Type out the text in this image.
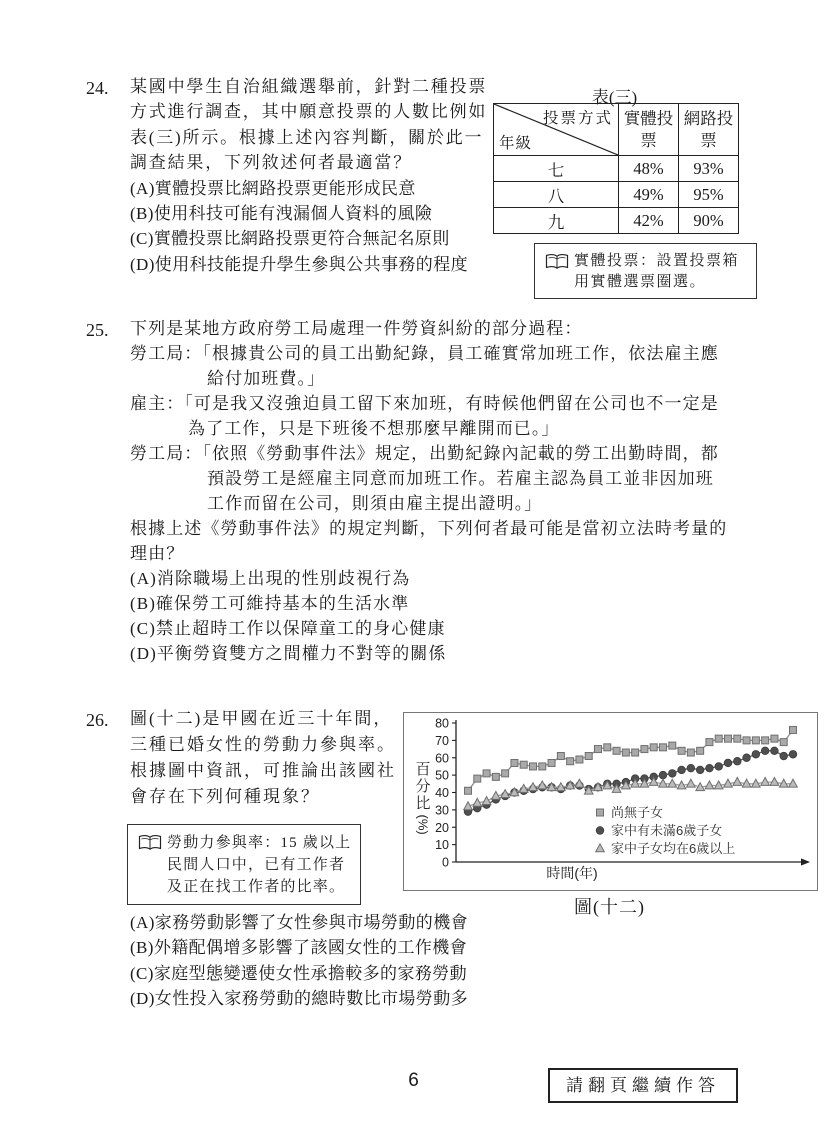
24. 某國中學生自治組織選舉前，針對二種投票
方式進行調查，其中願意投票的人數比例如
表(三)所示。根據上述內容判斷，關於此一
調查結果，下列敘述何者最適當？
(A)實體投票比網路投票更能形成民意
(B)使用科技可能有洩漏個人資料的風險
(C)實體投票比網路投票更符合無記名原則
(D)使用科技能提升學生參與公共事務的程度
表(三)
投票方式
年級	實體投票	網路投票
七	48%	93%
八	49%	95%
九	42%	90%
實體投票：設置投票箱
用實體選票圈選。
25. 下列是某地方政府勞工局處理一件勞資糾紛的部分過程：
勞工局：「根據貴公司的員工出勤紀錄，員工確實常加班工作，依法雇主應
給付加班費。」
雇主：「可是我又沒強迫員工留下來加班，有時候他們留在公司也不一定是
為了工作，只是下班後不想那麼早離開而已。」
勞工局：「依照《勞動事件法》規定，出勤紀錄內記載的勞工出勤時間，都
預設勞工是經雇主同意而加班工作。若雇主認為員工並非因加班
工作而留在公司，則須由雇主提出證明。」
根據上述《勞動事件法》的規定判斷，下列何者最可能是當初立法時考量的
理由？
(A)消除職場上出現的性別歧視行為
(B)確保勞工可維持基本的生活水準
(C)禁止超時工作以保障童工的身心健康
(D)平衡勞資雙方之間權力不對等的關係
26. 圖(十二)是甲國在近三十年間，
三種已婚女性的勞動力參與率。
根據圖中資訊，可推論出該國社
會存在下列何種現象？
勞動力參與率：15 歲以上
民間人口中，已有工作者
及正在找工作者的比率。
百
分
比
(%)
0
10
20
30
40
50
60
70
80
尚無子女
家中有未滿6歲子女
家中子女均在6歲以上
時間(年)
圖(十二)
(A)家務勞動影響了女性參與市場勞動的機會
(B)外籍配偶增多影響了該國女性的工作機會
(C)家庭型態變遷使女性承擔較多的家務勞動
(D)女性投入家務勞動的總時數比市場勞動多
6	請翻頁繼續作答
